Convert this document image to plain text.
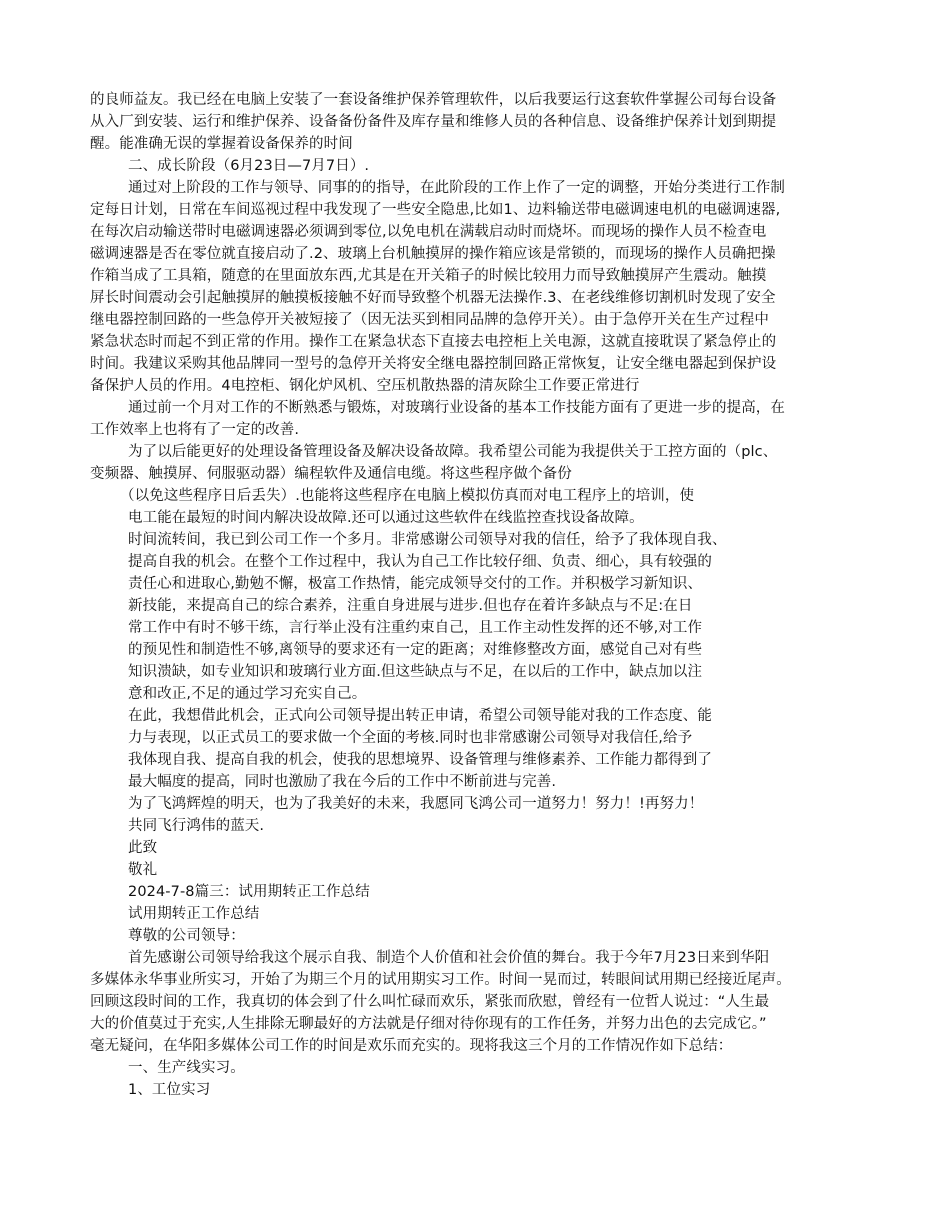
的良师益友。我已经在电脑上安装了一套设备维护保养管理软件，以后我要运行这套软件掌握公司每台设备
从入厂到安装、运行和维护保养、设备备份备件及库存量和维修人员的各种信息、设备维护保养计划到期提
醒。能准确无误的掌握着设备保养的时间
二、成长阶段（6月23日—7月7日）.
通过对上阶段的工作与领导、同事的的指导，在此阶段的工作上作了一定的调整，开始分类进行工作制
定每日计划，日常在车间巡视过程中我发现了一些安全隐患,比如1、边料输送带电磁调速电机的电磁调速器,
在每次启动输送带时电磁调速器必须调到零位,以免电机在满载启动时而烧坏。而现场的操作人员不检查电
磁调速器是否在零位就直接启动了.2、玻璃上台机触摸屏的操作箱应该是常锁的，而现场的操作人员确把操
作箱当成了工具箱，随意的在里面放东西,尤其是在开关箱子的时候比较用力而导致触摸屏产生震动。触摸
屏长时间震动会引起触摸屏的触摸板接触不好而导致整个机器无法操作.3、在老线维修切割机时发现了安全
继电器控制回路的一些急停开关被短接了（因无法买到相同品牌的急停开关）。由于急停开关在生产过程中
紧急状态时而起不到正常的作用。操作工在紧急状态下直接去电控柜上关电源，这就直接耽误了紧急停止的
时间。我建议采购其他品牌同一型号的急停开关将安全继电器控制回路正常恢复，让安全继电器起到保护设
备保护人员的作用。4电控柜、钢化炉风机、空压机散热器的清灰除尘工作要正常进行
通过前一个月对工作的不断熟悉与锻炼，对玻璃行业设备的基本工作技能方面有了更进一步的提高，在
工作效率上也将有了一定的改善.
为了以后能更好的处理设备管理设备及解决设备故障。我希望公司能为我提供关于工控方面的（plc、
变频器、触摸屏、伺服驱动器）编程软件及通信电缆。将这些程序做个备份
（以免这些程序日后丢失）.也能将这些程序在电脑上模拟仿真而对电工程序上的培训，使
电工能在最短的时间内解决设故障.还可以通过这些软件在线监控查找设备故障。
时间流转间，我已到公司工作一个多月。非常感谢公司领导对我的信任，给予了我体现自我、
提高自我的机会。在整个工作过程中，我认为自己工作比较仔细、负责、细心，具有较强的
责任心和进取心,勤勉不懈，极富工作热情，能完成领导交付的工作。并积极学习新知识、
新技能，来提高自己的综合素养，注重自身进展与进步.但也存在着许多缺点与不足:在日
常工作中有时不够干练，言行举止没有注重约束自己，且工作主动性发挥的还不够,对工作
的预见性和制造性不够,离领导的要求还有一定的距离；对维修整改方面，感觉自己对有些
知识溃缺，如专业知识和玻璃行业方面.但这些缺点与不足，在以后的工作中，缺点加以注
意和改正,不足的通过学习充实自己。
在此，我想借此机会，正式向公司领导提出转正申请，希望公司领导能对我的工作态度、能
力与表现，以正式员工的要求做一个全面的考核.同时也非常感谢公司领导对我信任,给予
我体现自我、提高自我的机会，使我的思想境界、设备管理与维修素养、工作能力都得到了
最大幅度的提高，同时也激励了我在今后的工作中不断前进与完善.
为了飞鸿辉煌的明天，也为了我美好的未来，我愿同飞鸿公司一道努力！努力！!再努力！
共同飞行鸿伟的蓝天.
此致
敬礼
2024-7-8篇三：试用期转正工作总结
试用期转正工作总结
尊敬的公司领导：
首先感谢公司领导给我这个展示自我、制造个人价值和社会价值的舞台。我于今年7月23日来到华阳
多媒体永华事业所实习，开始了为期三个月的试用期实习工作。时间一晃而过，转眼间试用期已经接近尾声。
回顾这段时间的工作，我真切的体会到了什么叫忙碌而欢乐，紧张而欣慰，曾经有一位哲人说过：“人生最
大的价值莫过于充实,人生排除无聊最好的方法就是仔细对待你现有的工作任务，并努力出色的去完成它。”
毫无疑问，在华阳多媒体公司工作的时间是欢乐而充实的。现将我这三个月的工作情况作如下总结：
一、生产线实习。
1、工位实习
